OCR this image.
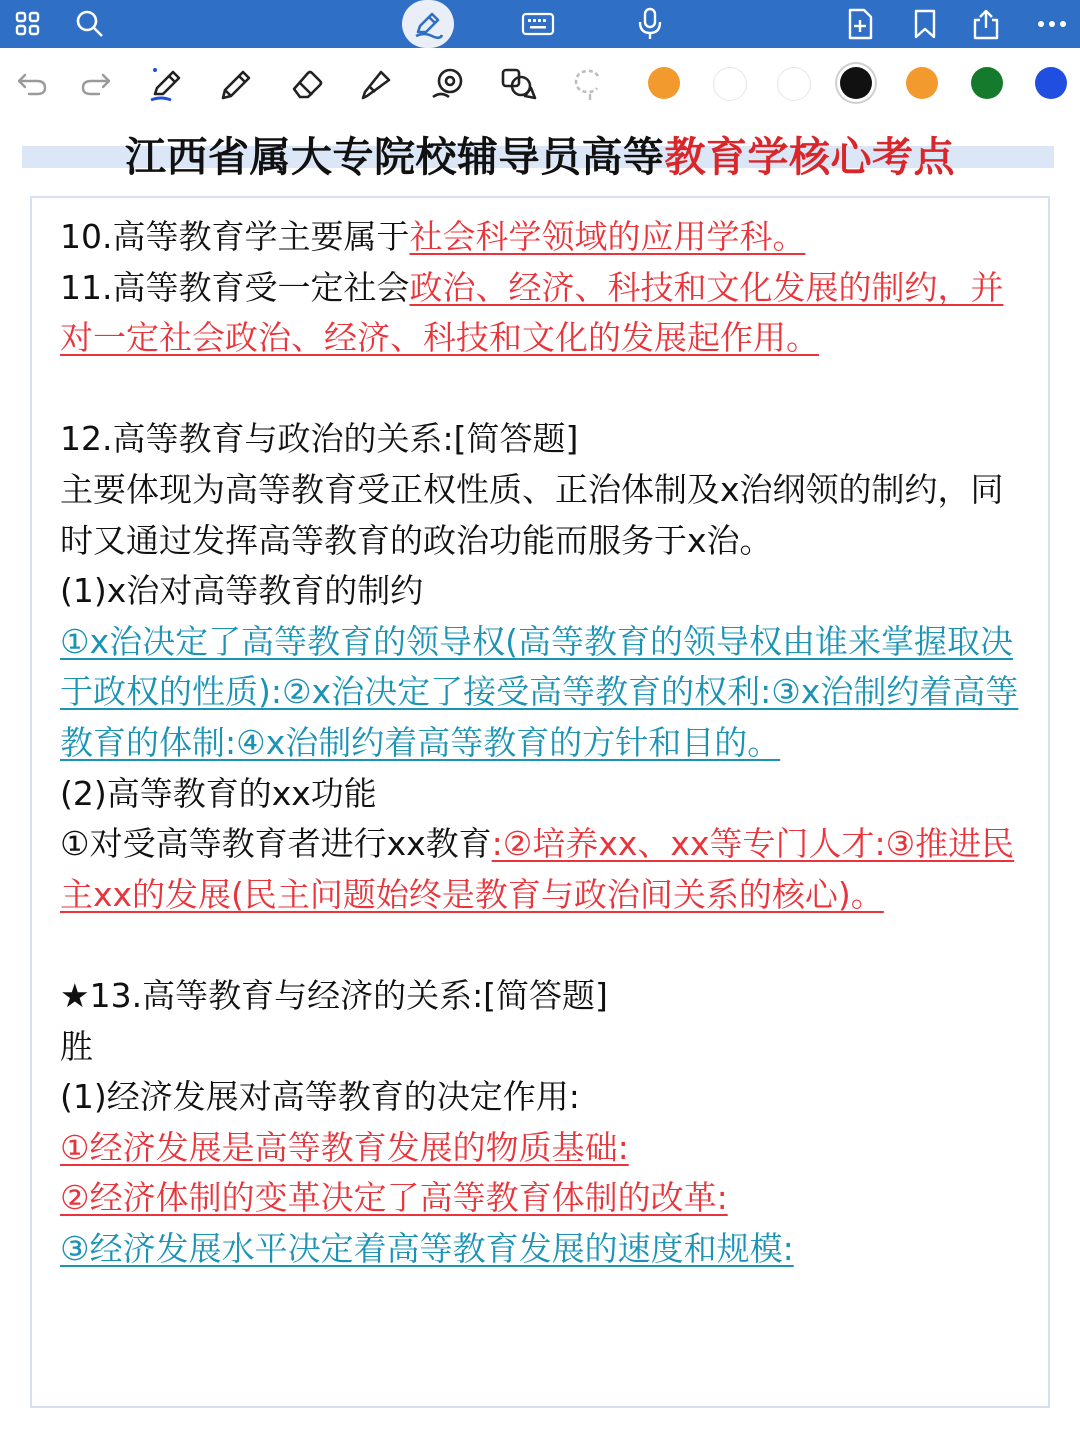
江西省属大专院校辅导员高等教育学核心考点

10.高等教育学主要属于社会科学领域的应用学科。

11.高等教育受一定社会政治、经济、科技和文化发展的制约，并对一定社会政治、经济、科技和文化的发展起作用。

12.高等教育与政治的关系:[简答题]

主要体现为高等教育受正权性质、正治体制及x治纲领的制约，同时又通过发挥高等教育的政治功能而服务于x治。

(1)x治对高等教育的制约

①x治决定了高等教育的领导权(高等教育的领导权由谁来掌握取决于政权的性质):②x治决定了接受高等教育的权利:③x治制约着高等教育的体制:④x治制约着高等教育的方针和目的。

(2)高等教育的xx功能

①对受高等教育者进行xx教育:②培养xx、xx等专门人才:③推进民主xx的发展(民主问题始终是教育与政治间关系的核心)。

★13.高等教育与经济的关系:[简答题]

胜

(1)经济发展对高等教育的决定作用:

①经济发展是高等教育发展的物质基础:

②经济体制的变革决定了高等教育体制的改革:

③经济发展水平决定着高等教育发展的速度和规模:
